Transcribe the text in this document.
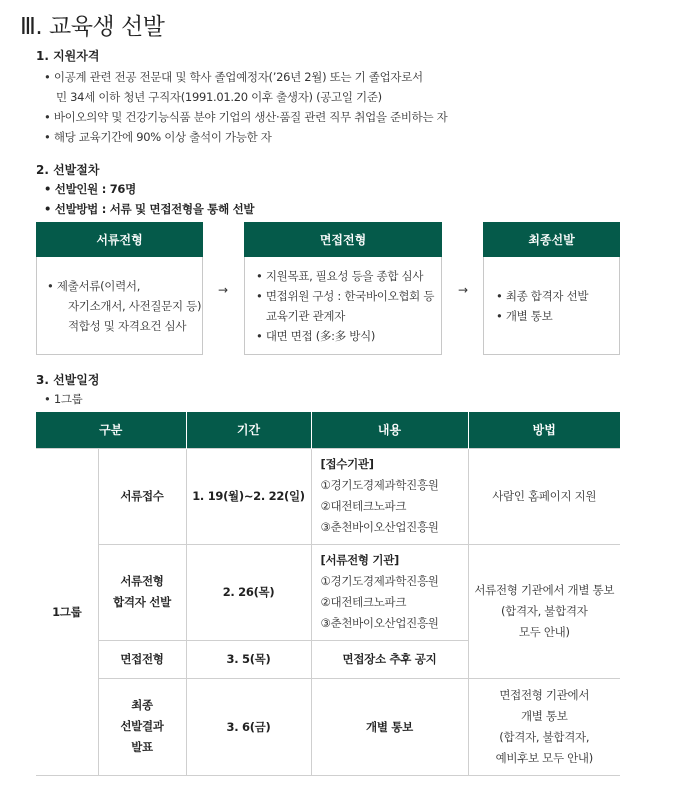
Ⅲ. 교육생 선발
1. 지원자격
• 이공계 관련 전공 전문대 및 학사 졸업예정자(’26년 2월) 또는 기 졸업자로서
민 34세 이하 청년 구직자(1991.01.20 이후 출생자) (공고일 기준)
• 바이오의약 및 건강기능식품 분야 기업의 생산‧품질 관련 직무 취업을 준비하는 자
• 해당 교육기간에 90% 이상 출석이 가능한 자
2. 선발절차
• 선발인원 : 76명
• 선발방법 : 서류 및 면접전형을 통해 선발
서류전형
• 제출서류(이력서,
자기소개서, 사전질문지 등)
적합성 및 자격요건 심사
→
면접전형
• 지원목표, 필요성 등을 종합 심사
• 면접위원 구성 : 한국바이오협회 등
교육기관 관계자
• 대면 면접 (多:多 방식)
→
최종선발
• 최종 합격자 선발
• 개별 통보
3. 선발일정
• 1그룹
구분		기간	내용	방법
1그룹	서류접수	1. 19(월)~2. 22(일)	[접수기관]
①경기도경제과학진흥원
②대전테크노파크
③춘천바이오산업진흥원	사람인 홈페이지 지원

	서류전형
합격자 선발	2. 26(목)	[서류전형 기관]
①경기도경제과학진흥원
②대전테크노파크
③춘천바이오산업진흥원	서류전형 기관에서 개별 통보
(합격자, 불합격자
모두 안내)

	면접전형	3. 5(목)	면접장소 추후 공지	

	최종
선발결과
발표	3. 6(금)	개별 통보	면접전형 기관에서
개별 통보
(합격자, 불합격자,
예비후보 모두 안내)
